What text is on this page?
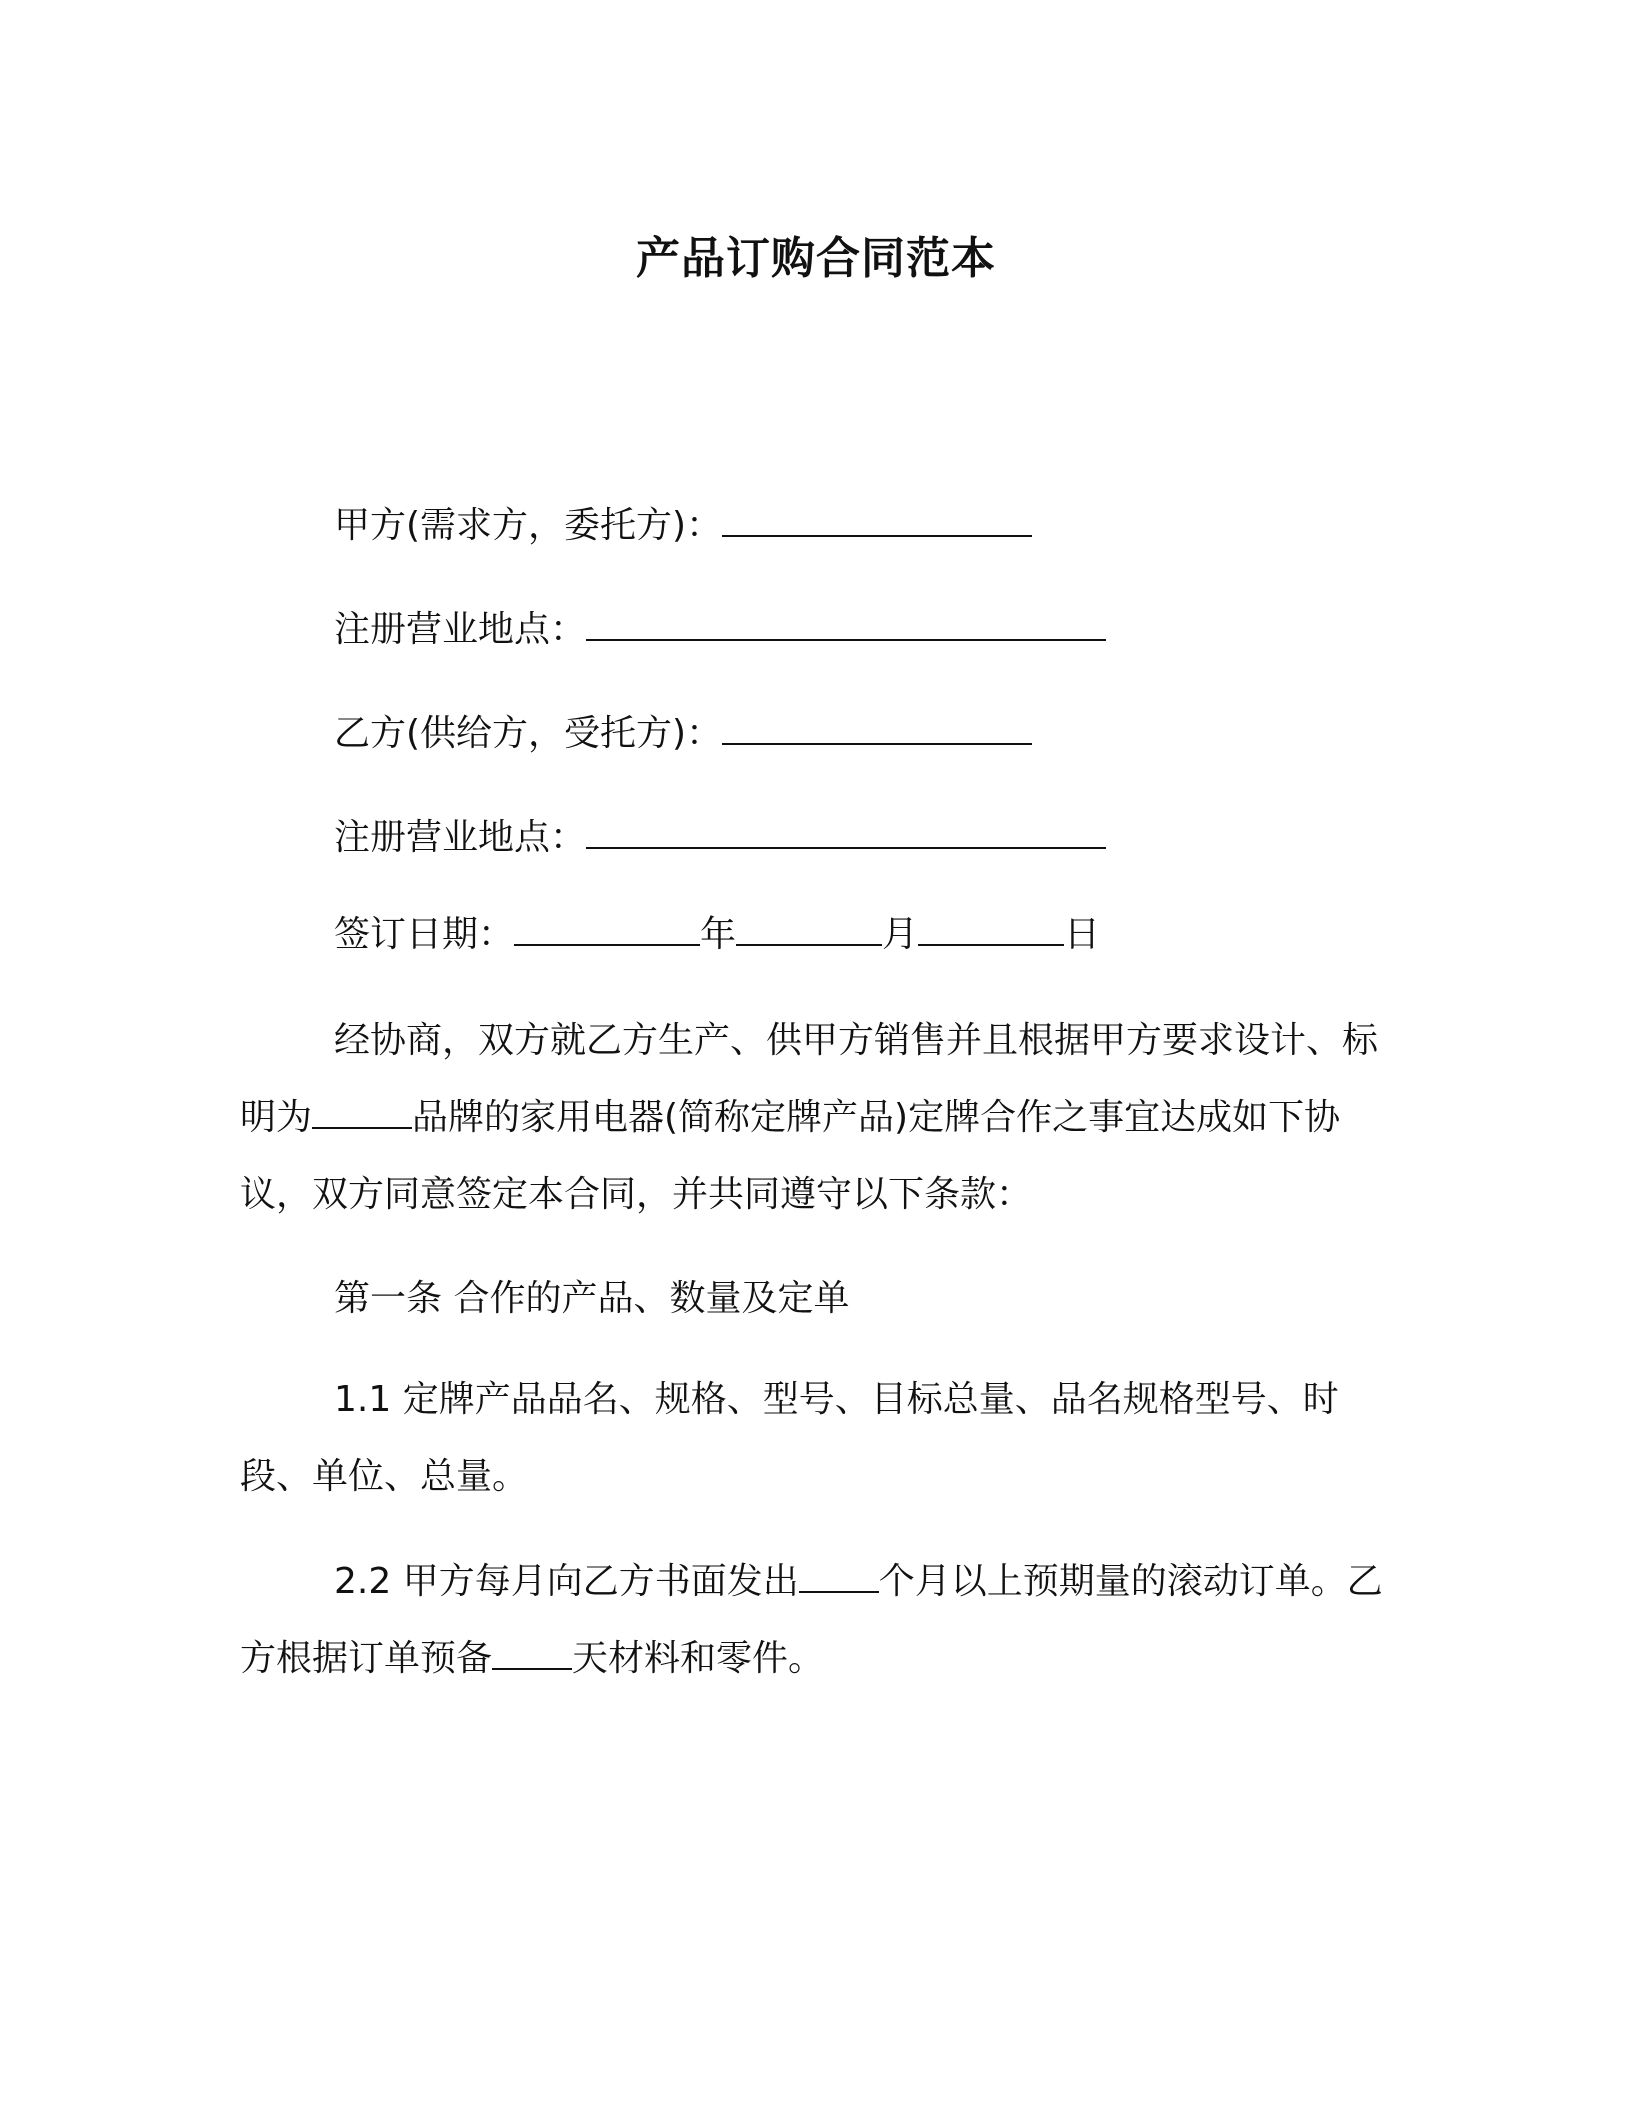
产品订购合同范本
甲方(需求方，委托方)：
注册营业地点：
乙方(供给方，受托方)：
注册营业地点：
签订日期：	年	月	日
经协商，双方就乙方生产、供甲方销售并且根据甲方要求设计、标明为	品牌的家用电器(简称定牌产品)定牌合作之事宜达成如下协议，双方同意签定本合同，并共同遵守以下条款：
第一条 合作的产品、数量及定单
1.1 定牌产品品名、规格、型号、目标总量、品名规格型号、时段、单位、总量。
2.2 甲方每月向乙方书面发出 个月以上预期量的滚动订单。乙方根据订单预备 天材料和零件。
